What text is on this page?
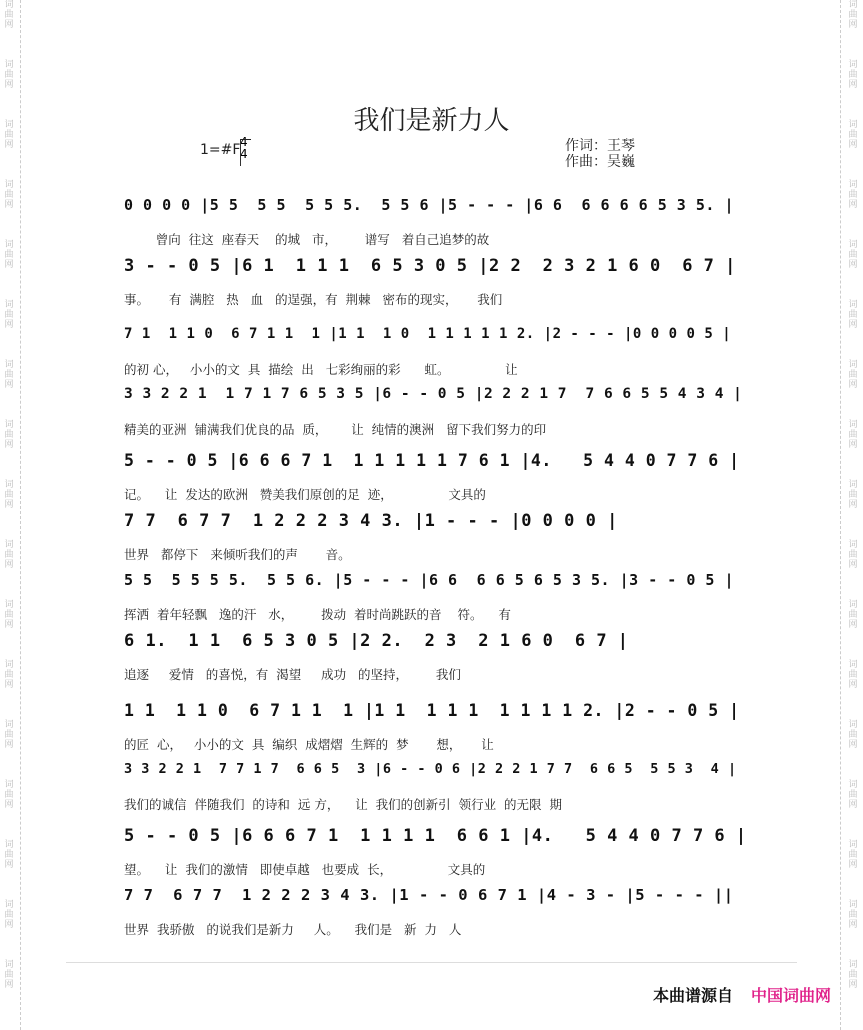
词
曲
网
词
曲
网
词
曲
网
词
曲
网
词
曲
网
词
曲
网
词
曲
网
词
曲
网
词
曲
网
词
曲
网
词
曲
网
词
曲
网
词
曲
网
词
曲
网
词
曲
网
词
曲
网
词
曲
网
词
曲
网
词
曲
网
词
曲
网
词
曲
网
词
曲
网
词
曲
网
词
曲
网
词
曲
网
词
曲
网
词
曲
网
词
曲
网
词
曲
网
词
曲
网
词
曲
网
词
曲
网
词
曲
网
词
曲
网
我们是新力人
1=#F 4
4	作词：王琴
作曲：吴巍
0 0 0 0 |5 5  5 5  5 5 5.  5 5 6 |5 - - - |6 6  6 6 6 6 5 3 5. |
曾向  往这  座春天    的城   市，       谱写   着自己追梦的故
3 - - 0 5 |6 1  1 1 1  6 5 3 0 5 |2 2  2 3 2 1 6 0  6 7 |
事。     有  满腔   热   血   的逞强，有  荆棘   密布的现实，     我们
7 1  1 1 0  6 7 1 1  1 |1 1  1 0  1 1 1 1 1 2. |2 - - - |0 0 0 0 5 |
的初 心，   小小的文  具  描绘  出   七彩绚丽的彩      虹。              让
3 3 2 2 1  1 7 1 7 6 5 3 5 |6 - - 0 5 |2 2 2 1 7  7 6 6 5 5 4 3 4 |
精美的亚洲  铺满我们优良的品  质，      让  纯情的澳洲   留下我们努力的印
5 - - 0 5 |6 6 6 7 1  1 1 1 1 1 7 6 1 |4.   5 4 4 0 7 7 6 |
记。    让  发达的欧洲   赞美我们原创的足  迹，              文具的
7 7  6 7 7  1 2 2 2 3 4 3. |1 - - - |0 0 0 0 |
世界   都停下   来倾听我们的声       音。
5 5  5 5 5 5.  5 5 6. |5 - - - |6 6  6 6 5 6 5 3 5. |3 - - 0 5 |
挥洒  着年轻飘   逸的汗   水，       拨动  着时尚跳跃的音    符。    有
6 1.  1 1  6 5 3 0 5 |2 2.  2 3  2 1 6 0  6 7 |
追逐     爱情   的喜悦，有  渴望     成功   的坚持，       我们
1 1  1 1 0  6 7 1 1  1 |1 1  1 1 1  1 1 1 1 2. |2 - - 0 5 |
的匠  心，   小小的文  具  编织  成熠熠  生辉的  梦       想，     让
3 3 2 2 1  7 7 1 7  6 6 5  3 |6 - - 0 6 |2 2 2 1 7 7  6 6 5  5 5 3  4 |
我们的诚信  伴随我们  的诗和  远 方，    让  我们的创新引  领行业  的无限  期
5 - - 0 5 |6 6 6 7 1  1 1 1 1  6 6 1 |4.   5 4 4 0 7 7 6 |
望。    让  我们的激情   即使卓越   也要成  长，              文具的
7 7  6 7 7  1 2 2 2 3 4 3. |1 - - 0 6 7 1 |4 - 3 - |5 - - - ||
世界  我骄傲   的说我们是新力     人。    我们是   新  力   人
本曲谱源自 中国词曲网
